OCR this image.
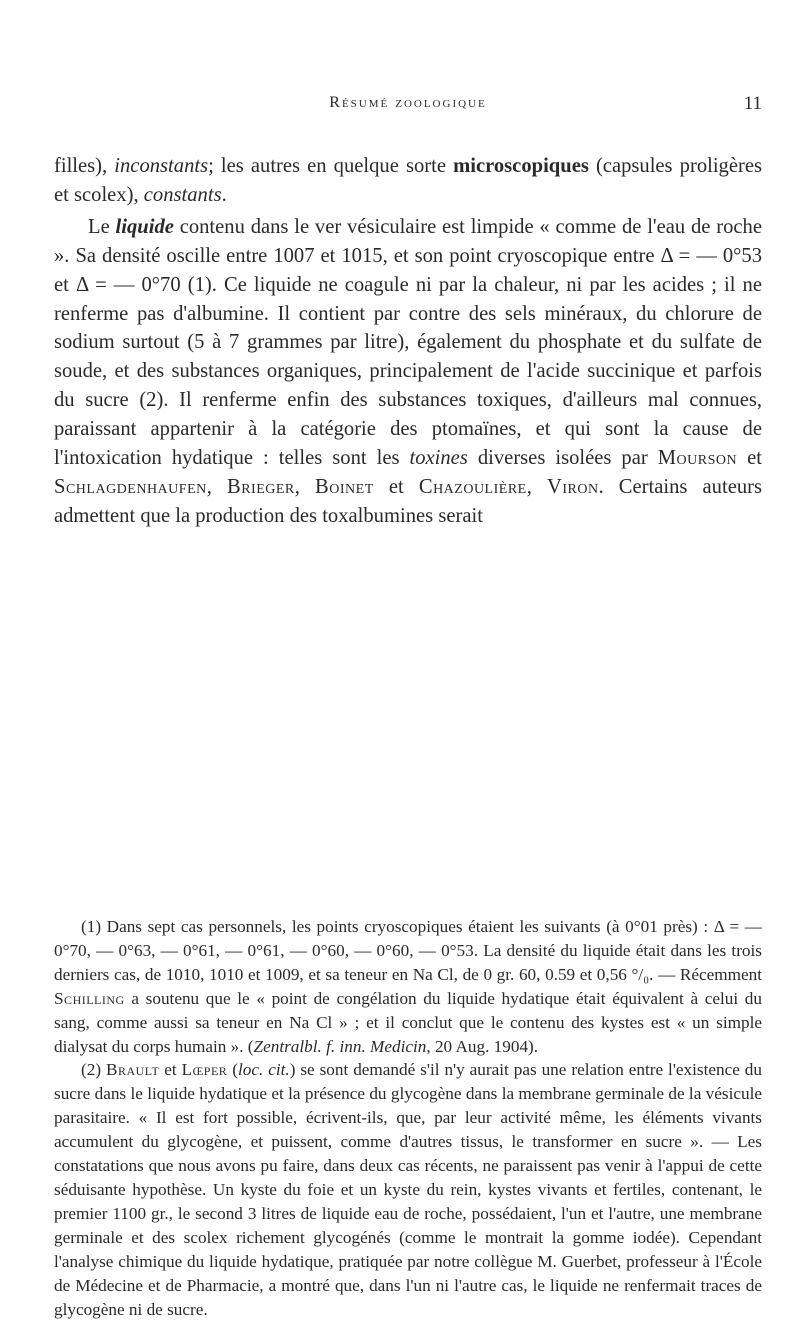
Résumé zoologique	11

filles), inconstants; les autres en quelque sorte microscopiques (capsules proligères et scolex), constants.

Le liquide contenu dans le ver vésiculaire est limpide « comme de l'eau de roche ». Sa densité oscille entre 1007 et 1015, et son point cryoscopique entre Δ = — 0°53 et Δ = — 0°70 (1). Ce liquide ne coagule ni par la chaleur, ni par les acides ; il ne renferme pas d'albumine. Il contient par contre des sels minéraux, du chlorure de sodium surtout (5 à 7 grammes par litre), également du phosphate et du sulfate de soude, et des substances organiques, principalement de l'acide succinique et parfois du sucre (2). Il renferme enfin des substances toxiques, d'ailleurs mal connues, paraissant appartenir à la catégorie des ptomaïnes, et qui sont la cause de l'intoxication hydatique : telles sont les toxines diverses isolées par Mourson et Schlagdenhaufen, Brieger, Boinet et Chazoulière, Viron. Certains auteurs admettent que la production des toxalbumines serait

(1) Dans sept cas personnels, les points cryoscopiques étaient les suivants (à 0°01 près) : Δ = — 0°70, — 0°63, — 0°61, — 0°61, — 0°60, — 0°60, — 0°53. La densité du liquide était dans les trois derniers cas, de 1010, 1010 et 1009, et sa teneur en Na Cl, de 0 gr. 60, 0.59 et 0,56 °/₀. — Récemment Schilling a soutenu que le « point de congélation du liquide hydatique était équivalent à celui du sang, comme aussi sa teneur en Na Cl » ; et il conclut que le contenu des kystes est « un simple dialysat du corps humain ». (Zentralbl. f. inn. Medicin, 20 Aug. 1904).

(2) Brault et Lœper (loc. cit.) se sont demandé s'il n'y aurait pas une relation entre l'existence du sucre dans le liquide hydatique et la présence du glycogène dans la membrane germinale de la vésicule parasitaire. « Il est fort possible, écrivent-ils, que, par leur activité même, les éléments vivants accumulent du glycogène, et puissent, comme d'autres tissus, le transformer en sucre ». — Les constatations que nous avons pu faire, dans deux cas récents, ne paraissent pas venir à l'appui de cette séduisante hypothèse. Un kyste du foie et un kyste du rein, kystes vivants et fertiles, contenant, le premier 1100 gr., le second 3 litres de liquide eau de roche, possédaient, l'un et l'autre, une membrane germinale et des scolex richement glycogénés (comme le montrait la gomme iodée). Cependant l'analyse chimique du liquide hydatique, pratiquée par notre collègue M. Guerbet, professeur à l'École de Médecine et de Pharmacie, a montré que, dans l'un ni l'autre cas, le liquide ne renfermait traces de glycogène ni de sucre.
